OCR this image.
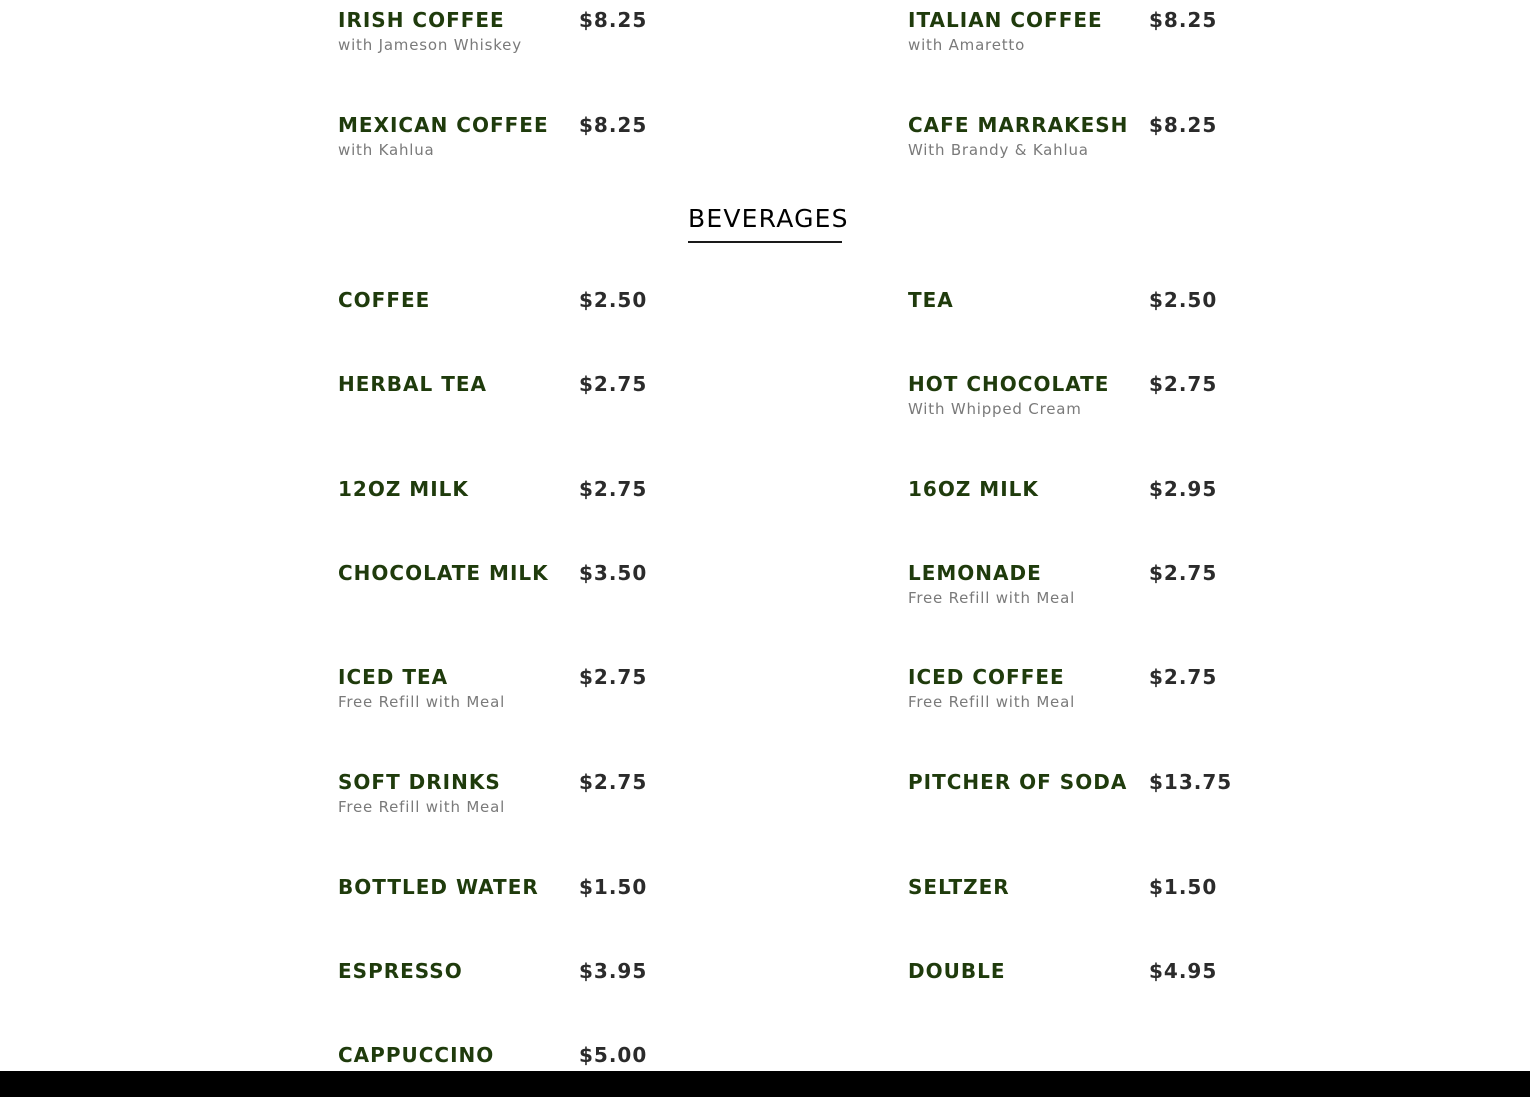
IRISH COFFEE	$8.25
with Jameson Whiskey
ITALIAN COFFEE $8.25
with Amaretto
MEXICAN COFFEE $8.25
with Kahlua
CAFE MARRAKESH $8.25
With Brandy & Kahlua
BEVERAGES
COFFEE	$2.50	TEA	$2.50
HERBAL TEA	$2.75	HOT CHOCOLATE $2.75
With Whipped Cream
12OZ MILK	$2.75	16OZ MILK	$2.95
CHOCOLATE MILK $3.50	LEMONADE	$2.75
Free Refill with Meal
ICED TEA	$2.75
Free Refill with Meal
ICED COFFEE	$2.75
Free Refill with Meal
SOFT DRINKS	$2.75
Free Refill with Meal
PITCHER OF SODA $13.75
BOTTLED WATER $1.50	SELTZER	$1.50
ESPRESSO	$3.95	DOUBLE	$4.95
CAPPUCCINO	$5.00
